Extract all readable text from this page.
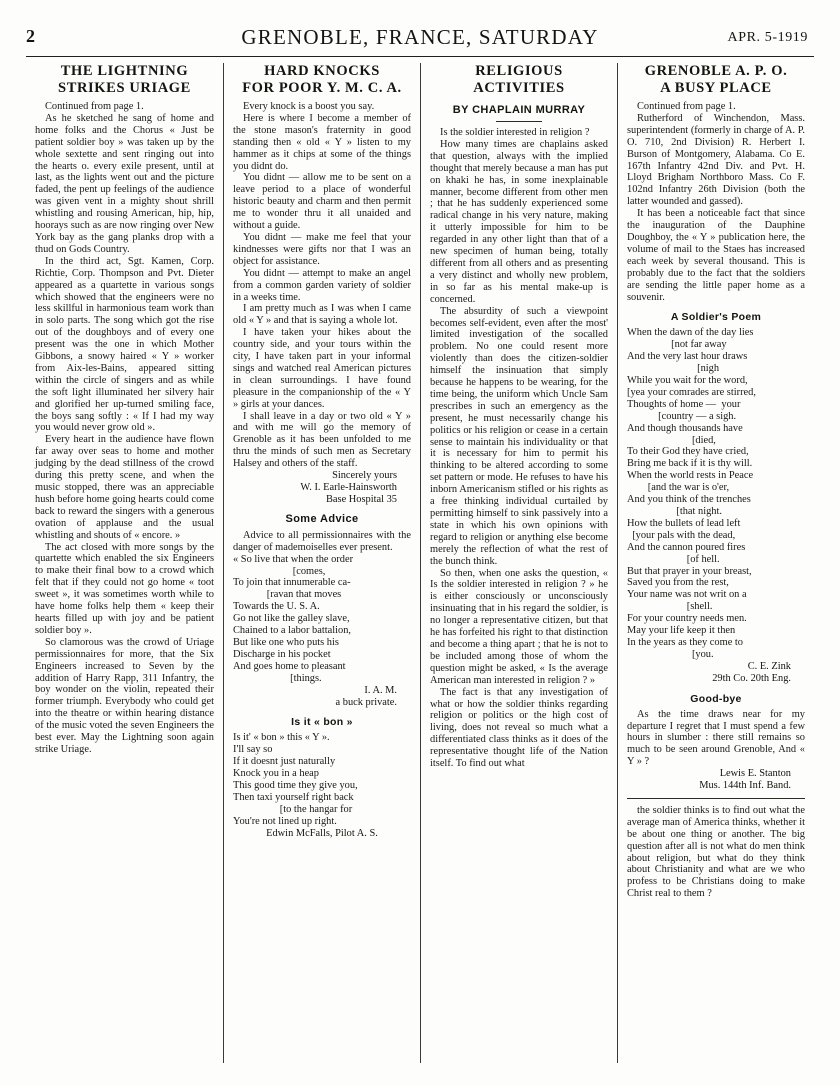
2	GRENOBLE, FRANCE, SATURDAY	APR. 5-1919
THE LIGHTNING
STRIKES URIAGE

Continued from page 1.

As he sketched he sang of home and home folks and the Chorus « Just be patient soldier boy » was taken up by the whole sextette and sent ringing out into the hearts o. every exile present, until at last, as the lights went out and the picture faded, the pent up feelings of the audience was given vent in a mighty shout shrill whistling and rousing American, hip, hip, hoorays such as are now ringing over New York bay as the gang planks drop with a thud on Gods Country.

In the third act, Sgt. Kamen, Corp. Richtie, Corp. Thompson and Pvt. Dieter appeared as a quartette in various songs which showed that the engineers were no less skillful in harmonious team work than in solo parts. The song which got the rise out of the doughboys and of every one present was the one in which Mother Gibbons, a snowy haired « Y » worker from Aix-les-Bains, appeared sitting within the circle of singers and as while the soft light illuminated her silvery hair and glorified her up-turned smiling face, the boys sang softly : « If I had my way you would never grow old ».

Every heart in the audience have flown far away over seas to home and mother judging by the dead stillness of the crowd during this pretty scene, and when the music stopped, there was an appreciable hush before home going hearts could come back to reward the singers with a generous ovation of applause and the usual whistling and shouts of « encore. »

The act closed with more songs by the quartette which enabled the six Engineers to make their final bow to a crowd which felt that if they could not go home « toot sweet », it was sometimes worth while to have home folks help them « keep their hearts filled up with joy and be patient soldier boy ».

So clamorous was the crowd of Uriage permissionnaires for more, that the Six Engineers increased to Seven by the addition of Harry Rapp, 311 Infantry, the boy wonder on the violin, repeated their former triumph. Everybody who could get into the theatre or within hearing distance of the music voted the seven Engineers the best ever. May the Lightning soon again strike Uriage.

HARD KNOCKS
FOR POOR Y. M. C. A.

Every knock is a boost you say.

Here is where I become a member of the stone mason's fraternity in good standing then « old « Y » listen to my hammer as it chips at some of the things you didnt do.

You didnt — allow me to be sent on a leave period to a place of wonderful historic beauty and charm and then permit me to wonder thru it all unaided and without a guide.

You didnt — make me feel that your kindnesses were gifts nor that I was an object for assistance.

You didnt — attempt to make an angel from a common garden variety of soldier in a weeks time.

I am pretty much as I was when I came old « Y » and that is saying a whole lot.

I have taken your hikes about the country side, and your tours within the city, I have taken part in your informal sings and watched real American pictures in clean surroundings. I have found pleasure in the companionship of the « Y » girls at your dances.

I shall leave in a day or two old « Y » and with me will go the memory of Grenoble as it has been unfolded to me thru the minds of such men as Secretary Halsey and others of the staff.

Sincerely yours
W. I. Earle-Hainsworth
Base Hospital 35
Some Advice

Advice to all permissionnaires with the danger of mademoiselles ever present.

« So live that when the order
[comes,
To join that innumerable ca-
[ravan that moves
Towards the U. S. A.
Go not like the galley slave,
Chained to a labor battalion,
But like one who puts his
Discharge in his pocket
And goes home to pleasant
[things.
I. A. M.
a buck private.
Is it « bon »
Is it' « bon » this « Y ».
I'll say so
If it doesnt just naturally
Knock you in a heap
This good time they give you,
Then taxi yourself right back
[to the hangar for
You're not lined up right.
Edwin McFalls, Pilot A. S.
RELIGIOUS
ACTIVITIES
BY CHAPLAIN MURRAY

Is the soldier interested in religion ?

How many times are chaplains asked that question, always with the implied thought that merely because a man has put on khaki he has, in some inexplainable manner, become different from other men ; that he has suddenly experienced some radical change in his very nature, making it utterly impossible for him to be regarded in any other light than that of a new specimen of human being, totally different from all others and as presenting a very distinct and wholly new problem, in so far as his mental make-up is concerned.

The absurdity of such a viewpoint becomes self-evident, even after the most' limited investigation of the socalled problem. No one could resent more violently than does the citizen-soldier himself the insinuation that simply because he happens to be wearing, for the time being, the uniform which Uncle Sam prescribes in such an emergency as the present, he must necessarily change his politics or his religion or cease in a certain sense to maintain his individuality or that it is necessary for him to permit his thinking to be altered according to some set pattern or mode. He refuses to have his inborn Americanism stifled or his rights as a free thinking individual curtailed by permitting himself to sink passively into a state in which his own opinions with regard to religion or anything else become merely the reflection of what the rest of the bunch think.

So then, when one asks the question, « Is the soldier interested in religion ? » he is either consciously or unconsciously insinuating that in his regard the soldier, is no longer a representative citizen, but that he has forfeited his right to that distinction and become a thing apart ; that he is not to be included among those of whom the question might be asked, « Is the average American man interested in religion ? »

The fact is that any investigation of what or how the soldier thinks regarding religion or politics or the high cost of living, does not reveal so much what a differentiated class thinks as it does of the representative thought life of the Nation itself. To find out what

GRENOBLE A. P. O.
A BUSY PLACE

Continued from page 1.

Rutherford of Winchendon, Mass. superintendent (formerly in charge of A. P. O. 710, 2nd Division) R. Herbert I. Burson of Montgomery, Alabama. Co E. 167th Infantry 42nd Div. and Pvt. H. Lloyd Brigham Northboro Mass. Co F. 102nd Infantry 26th Division (both the latter wounded and gassed).

It has been a noticeable fact that since the inauguration of the Dauphine Doughboy, the « Y » publication here, the volume of mail to the Staes has increased each week by several thousand. This is probably due to the fact that the soldiers are sending the little paper home as a souvenir.

A Soldier's Poem
When the dawn of the day lies
[not far away
And the very last hour draws
[nigh
While you wait for the word,
[yea your comrades are stirred,
Thoughts of home —  your
[country — a sigh.
And though thousands have
[died,
To their God they have cried,
Bring me back if it is thy will.
When the world rests in Peace
[and the war is o'er,
And you think of the trenches
[that night.
How the bullets of lead left
[your pals with the dead,
And the cannon poured fires
[of hell.
But that prayer in your breast,
Saved you from the rest,
Your name was not writ on a
[shell.
For your country needs men.
May your life keep it then
In the years as they come to
[you.
C. E. Zink
29th Co. 20th Eng.
Good-bye

As the time draws near for my departure I regret that I must spend a few hours in slumber : there still remains so much to be seen around Grenoble, And « Y » ?

Lewis E. Stanton
Mus. 144th Inf. Band.

the soldier thinks is to find out what the average man of America thinks, whether it be about one thing or another. The big question after all is not what do men think about religion, but what do they think about Christianity and what are we who profess to be Christians doing to make Christ real to them ?
